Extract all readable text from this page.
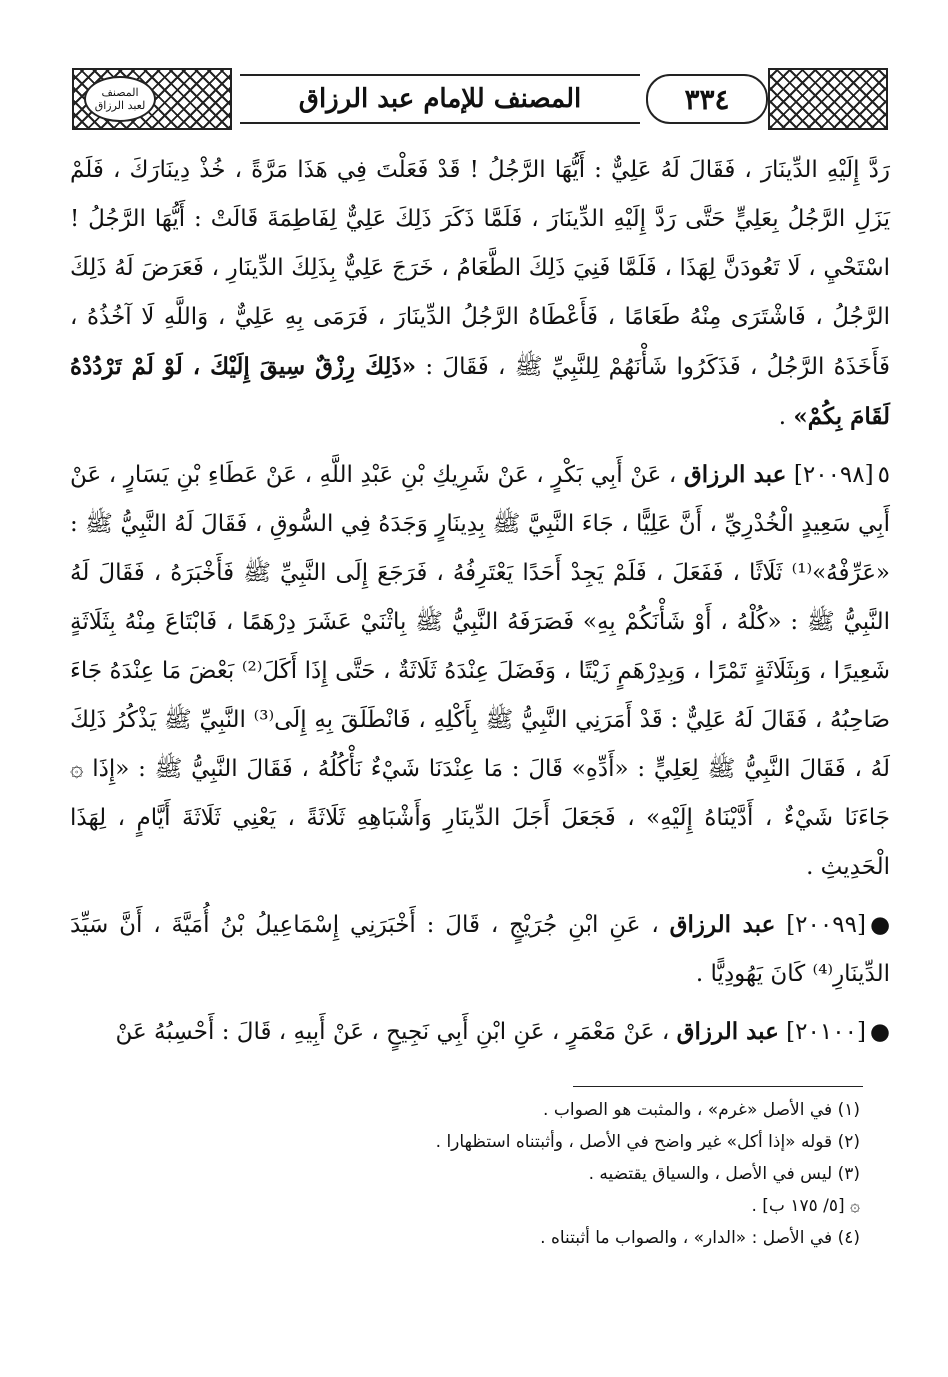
المصنف
لعبد الرزاق	المصنف للإمام عبد الرزاق	٣٣٤

رَدَّ إِلَيْهِ الدِّينَارَ ، فَقَالَ لَهُ عَلِيٌّ : أَيُّهَا الرَّجُلُ ! قَدْ فَعَلْتَ فِي هَذَا مَرَّةً ، خُذْ دِينَارَكَ ، فَلَمْ يَزَلِ الرَّجُلُ بِعَلِيٍّ حَتَّى رَدَّ إِلَيْهِ الدِّينَارَ ، فَلَمَّا ذَكَرَ ذَلِكَ عَلِيٌّ لِفَاطِمَةَ قَالَتْ : أَيُّهَا الرَّجُلُ ! اسْتَحْيِ ، لَا تَعُودَنَّ لِهَذَا ، فَلَمَّا فَنِيَ ذَلِكَ الطَّعَامُ ، خَرَجَ عَلِيٌّ بِذَلِكَ الدِّينَارِ ، فَعَرَضَ لَهُ ذَلِكَ الرَّجُلُ ، فَاشْتَرَى مِنْهُ طَعَامًا ، فَأَعْطَاهُ الرَّجُلُ الدِّينَارَ ، فَرَمَى بِهِ عَلِيٌّ ، وَاللَّهِ لَا آخُذُهُ ، فَأَخَذَهُ الرَّجُلُ ، فَذَكَرُوا شَأْنَهُمْ لِلنَّبِيِّ ﷺ ، فَقَالَ : «ذَلِكَ رِزْقٌ سِيقَ إِلَيْكَ ، لَوْ لَمْ تَرْدُدْهُ لَقَامَ بِكُمْ» .

٥[٢٠٠٩٨] عبد الرزاق ، عَنْ أَبِي بَكْرٍ ، عَنْ شَرِيكِ بْنِ عَبْدِ اللَّهِ ، عَنْ عَطَاءِ بْنِ يَسَارٍ ، عَنْ أَبِي سَعِيدٍ الْخُدْرِيِّ ، أَنَّ عَلِيًّا ، جَاءَ النَّبِيَّ ﷺ بِدِينَارٍ وَجَدَهُ فِي السُّوقِ ، فَقَالَ لَهُ النَّبِيُّ ﷺ : «عَرِّفْهُ»⁽¹⁾ ثَلَاثًا ، فَفَعَلَ ، فَلَمْ يَجِدْ أَحَدًا يَعْتَرِفُهُ ، فَرَجَعَ إِلَى النَّبِيِّ ﷺ فَأَخْبَرَهُ ، فَقَالَ لَهُ النَّبِيُّ ﷺ : «كُلْهُ ، أَوْ شَأْنَكُمْ بِهِ» فَصَرَفَهُ النَّبِيُّ ﷺ بِاثْنَيْ عَشَرَ دِرْهَمًا ، فَابْتَاعَ مِنْهُ بِثَلَاثَةٍ شَعِيرًا ، وَبِثَلَاثَةٍ تَمْرًا ، وَبِدِرْهَمٍ زَيْتًا ، وَفَضَلَ عِنْدَهُ ثَلَاثَةٌ ، حَتَّى إِذَا أَكَلَ⁽²⁾ بَعْضَ مَا عِنْدَهُ جَاءَ صَاحِبُهُ ، فَقَالَ لَهُ عَلِيٌّ : قَدْ أَمَرَنِي النَّبِيُّ ﷺ بِأَكْلِهِ ، فَانْطَلَقَ بِهِ إِلَى⁽³⁾ النَّبِيِّ ﷺ يَذْكُرُ ذَلِكَ لَهُ ، فَقَالَ النَّبِيُّ ﷺ لِعَلِيٍّ : «أَدِّهِ» قَالَ : مَا عِنْدَنَا شَيْءٌ نَأْكُلُهُ ، فَقَالَ النَّبِيُّ ﷺ : «إِذَا ۞ جَاءَنَا شَيْءٌ ، أَدَّيْنَاهُ إِلَيْهِ» ، فَجَعَلَ أَجَلَ الدِّينَارِ وَأَشْبَاهِهِ ثَلَاثَةً ، يَعْنِي ثَلَاثَةَ أَيَّامٍ ، لِهَذَا الْحَدِيثِ .

●[٢٠٠٩٩] عبد الرزاق ، عَنِ ابْنِ جُرَيْجٍ ، قَالَ : أَخْبَرَنِي إِسْمَاعِيلُ بْنُ أُمَيَّةَ ، أَنَّ سَيِّدَ الدِّينَارِ⁽⁴⁾ كَانَ يَهُودِيًّا .

●[٢٠١٠٠] عبد الرزاق ، عَنْ مَعْمَرٍ ، عَنِ ابْنِ أَبِي نَجِيحٍ ، عَنْ أَبِيهِ ، قَالَ : أَحْسِبُهُ عَنْ

(١) في الأصل «غرم» ، والمثبت هو الصواب .

(٢) قوله «إذا أكل» غير واضح في الأصل ، وأثبتناه استظهارا .

(٣) ليس في الأصل ، والسياق يقتضيه .

۞ [٥/ ١٧٥ ب] .

(٤) في الأصل : «الدار» ، والصواب ما أثبتناه .
